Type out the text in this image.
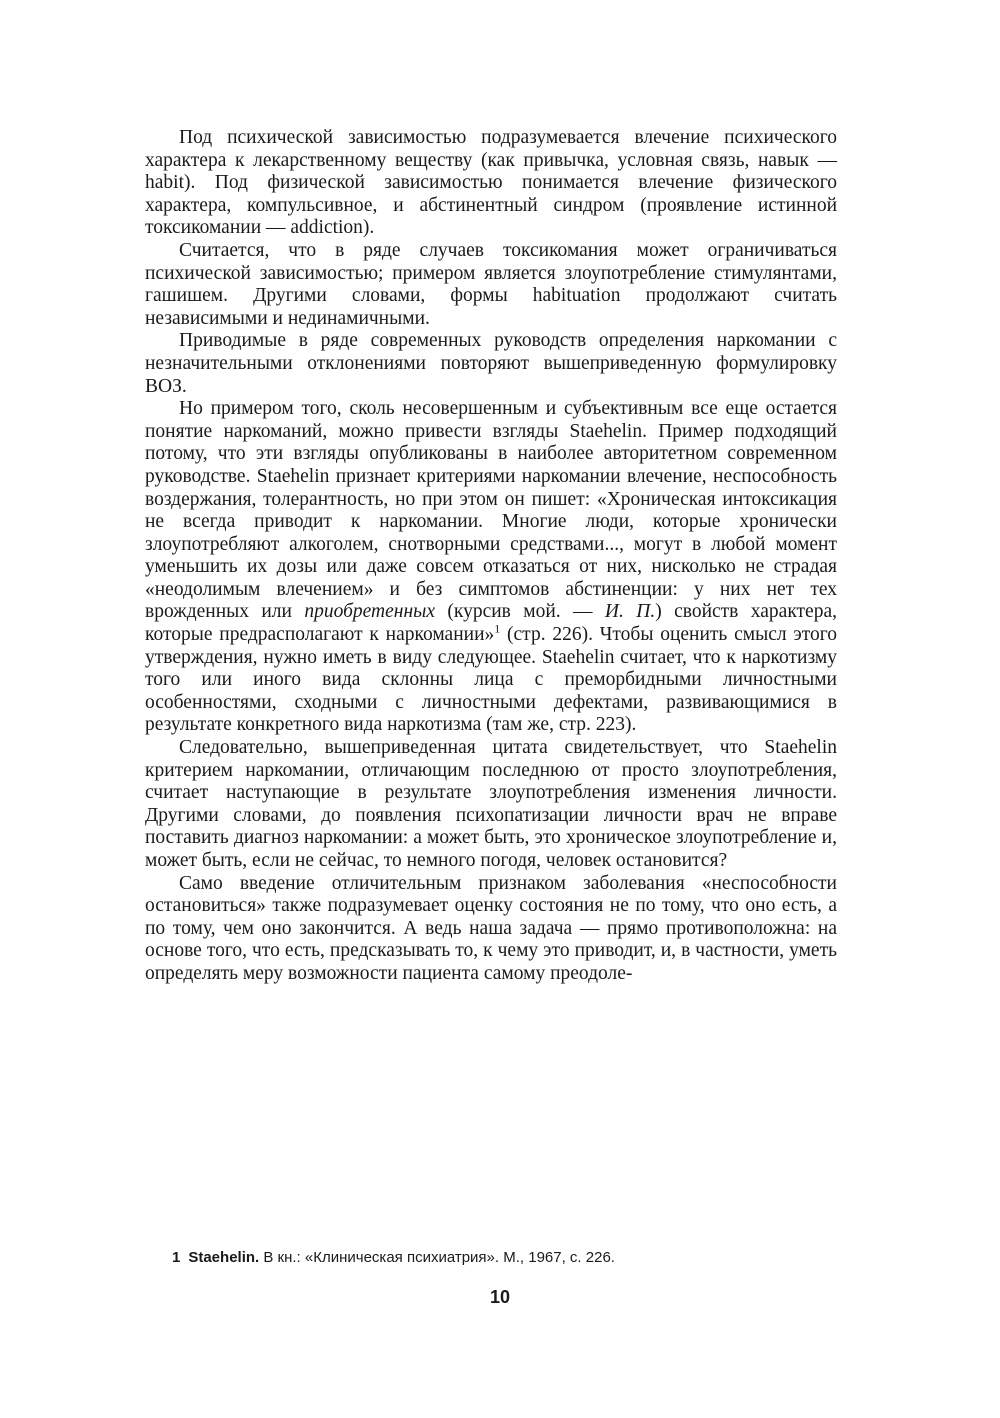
Под психической зависимостью подразумевается влечение психического характера к лекарственному веществу (как привычка, условная связь, навык — habit). Под физической зависимостью понимается влечение физического характера, компульсивное, и абстинентный синдром (проявление истинной токсикомании — addiction).

Считается, что в ряде случаев токсикомания может ограничиваться психической зависимостью; примером является злоупотребление стимулянтами, гашишем. Другими словами, формы habituation продолжают считать независимыми и нединамичными.

Приводимые в ряде современных руководств определения наркомании с незначительными отклонениями повторяют вышеприведенную формулировку ВОЗ.

Но примером того, сколь несовершенным и субъективным все еще остается понятие наркоманий, можно привести взгляды Staehelin. Пример подходящий потому, что эти взгляды опубликованы в наиболее авторитетном современном руководстве. Staehelin признает критериями наркомании влечение, неспособность воздержания, толерантность, но при этом он пишет: «Хроническая интоксикация не всегда приводит к наркомании. Многие люди, которые хронически злоупотребляют алкоголем, снотворными средствами..., могут в любой момент уменьшить их дозы или даже совсем отказаться от них, нисколько не страдая «неодолимым влечением» и без симптомов абстиненции: у них нет тех врожденных или приобретенных (курсив мой. — И. П.) свойств характера, которые предрасполагают к наркомании»$^1$ (стр. 226). Чтобы оценить смысл этого утверждения, нужно иметь в виду следующее. Staehelin считает, что к наркотизму того или иного вида склонны лица с преморбидными личностными особенностями, сходными с личностными дефектами, развивающимися в результате конкретного вида наркотизма (там же, стр. 223).

Следовательно, вышеприведенная цитата свидетельствует, что Staehelin критерием наркомании, отличающим последнюю от просто злоупотребления, считает наступающие в результате злоупотребления изменения личности. Другими словами, до появления психопатизации личности врач не вправе поставить диагноз наркомании: а может быть, это хроническое злоупотребление и, может быть, если не сейчас, то немного погодя, человек остановится?

Само введение отличительным признаком заболевания «неспособности остановиться» также подразумевает оценку состояния не по тому, что оно есть, а по тому, чем оно закончится. А ведь наша задача — прямо противоположна: на основе того, что есть, предсказывать то, к чему это приводит, и, в частности, уметь определять меру возможности пациента самому преодоле-

1 Staehelin. В кн.: «Клиническая психиатрия». М., 1967, с. 226.
10
